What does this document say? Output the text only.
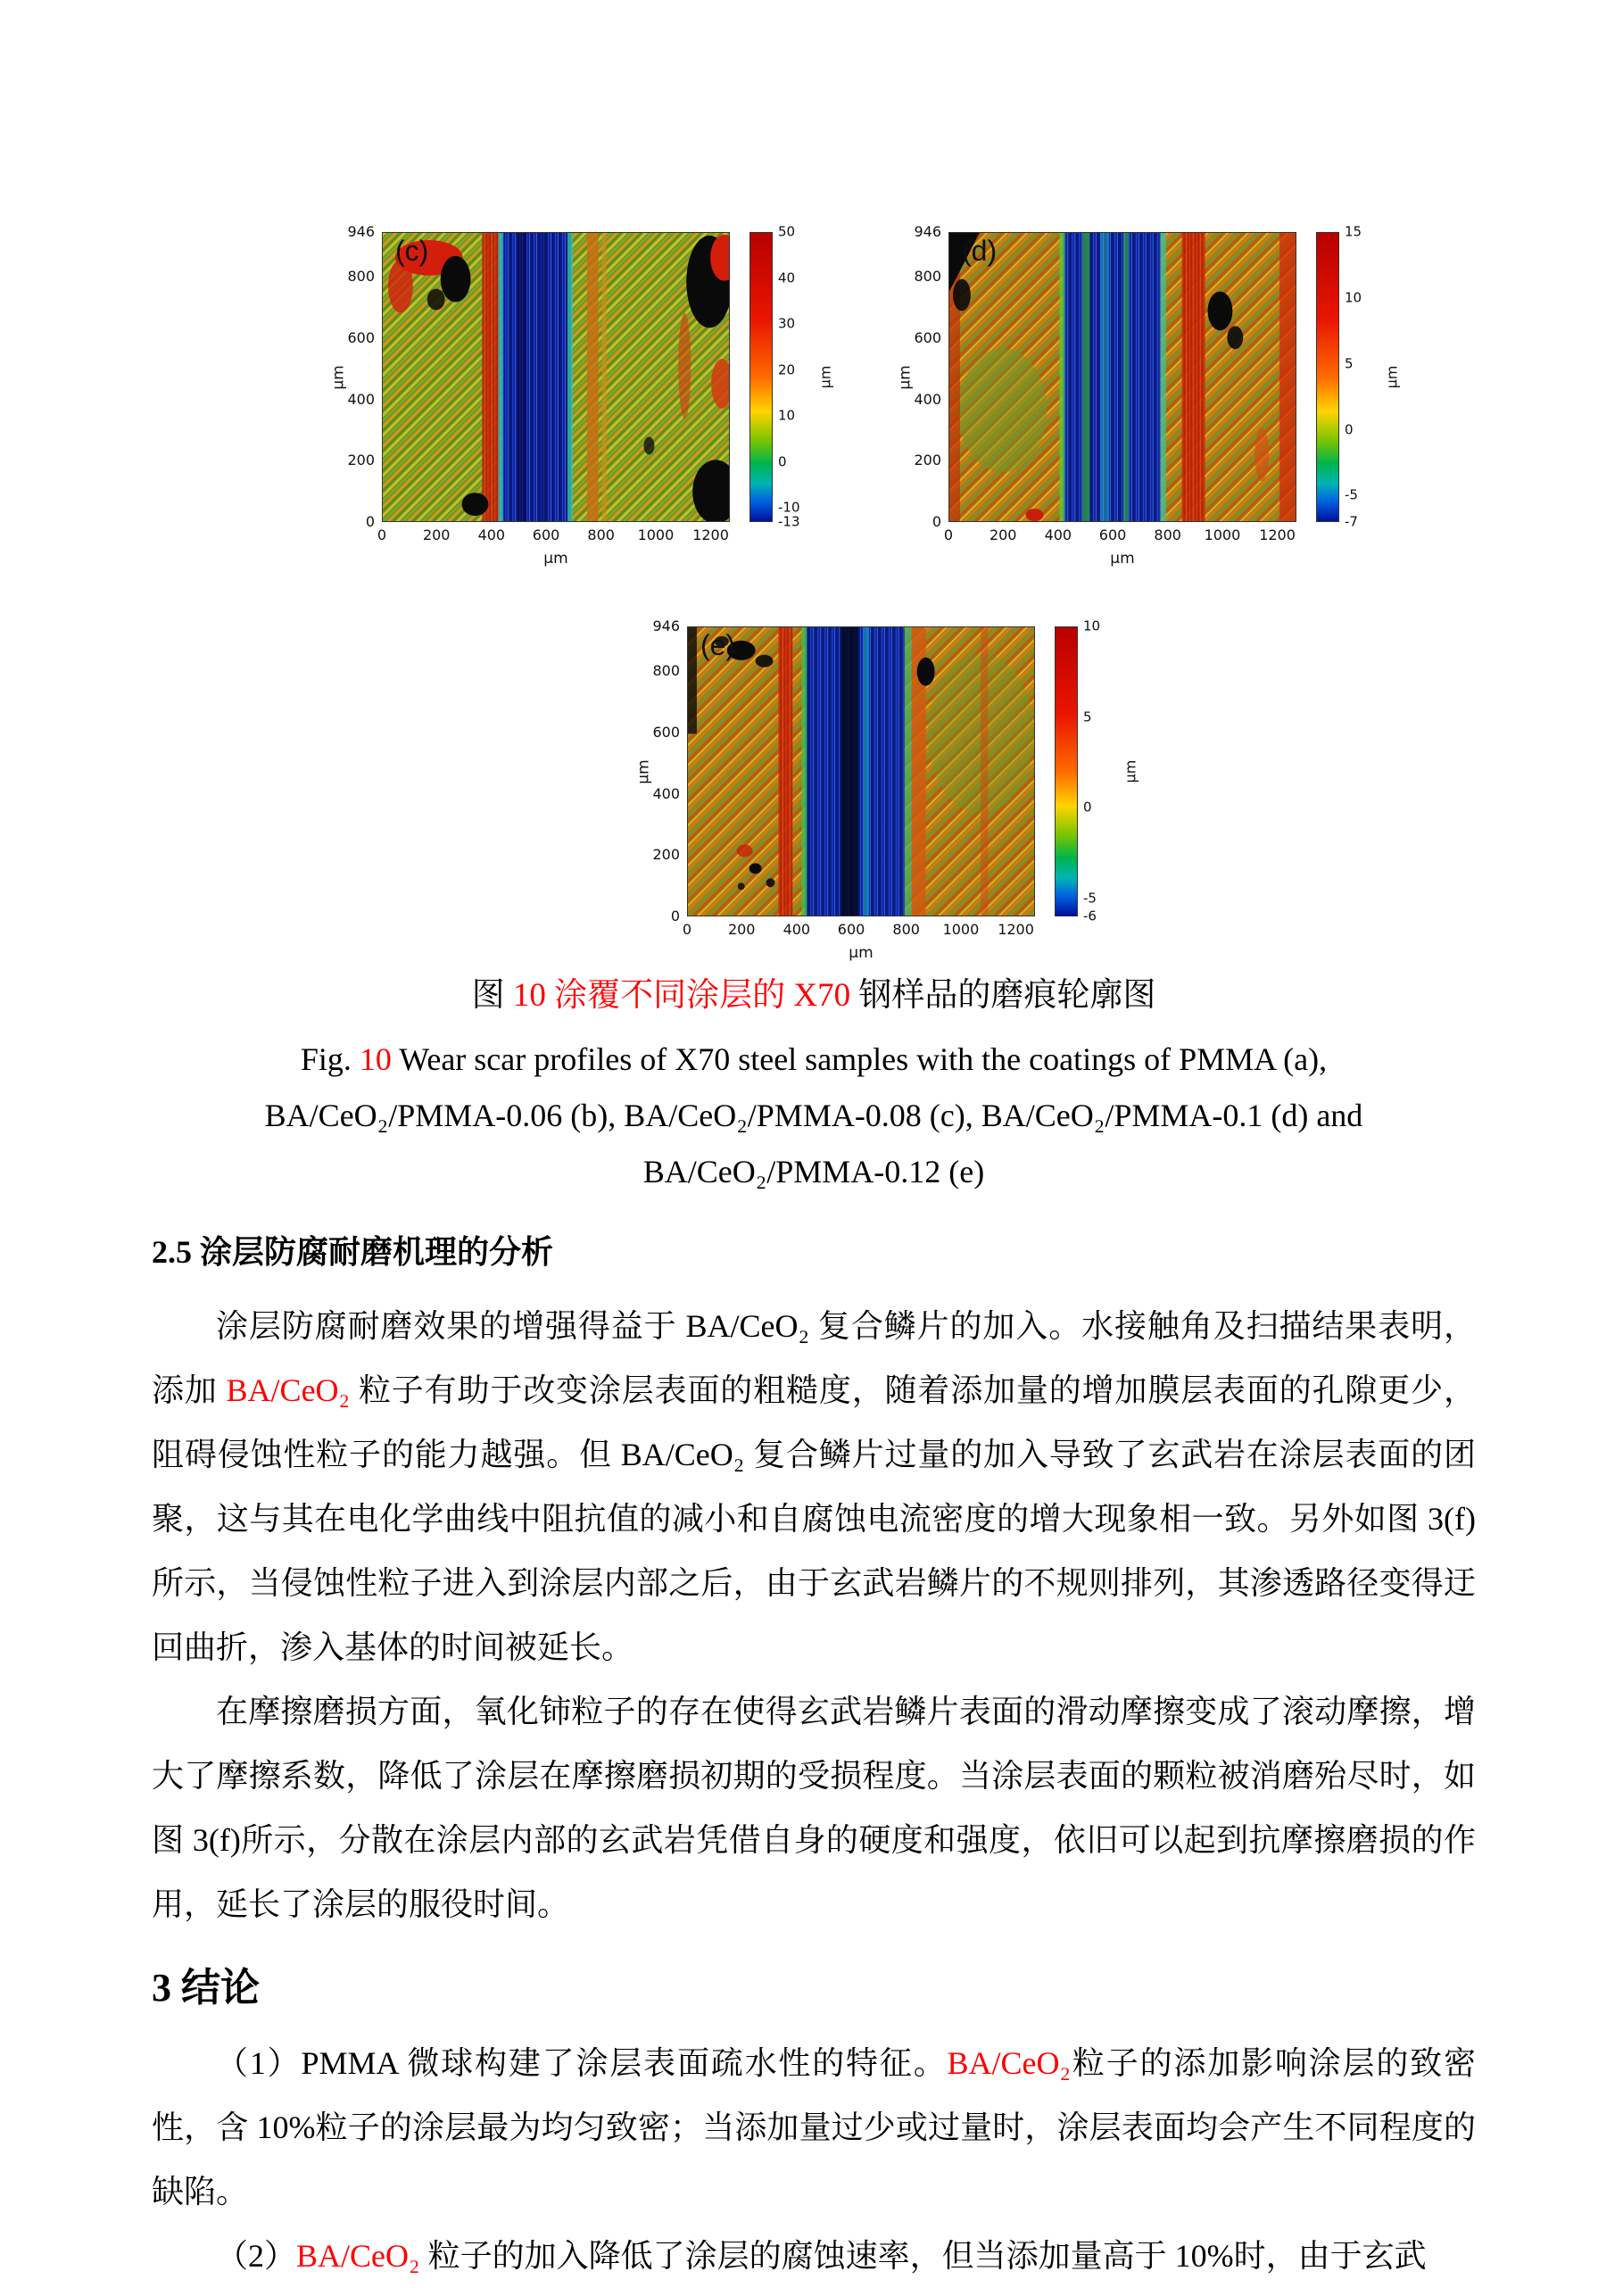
μm
946
800
600
400
200
0
(c)
0	200 400 600 800 1000 1200
μm
50
40
30
20
10
0
-10
-13
μm	μm
946
800
600
400
200
0
(d)
0	200 400 600 800 1000 1200
μm
15
10
5
0
-5
-7
μm
μm
946
800
600
400
200
0
(e)
0	200 400 600 800 1000 1200
μm
10
5
0
-5
-6
μm
图 10 涂覆不同涂层的 X70 钢样品的磨痕轮廓图
Fig. 10 Wear scar profiles of X70 steel samples with the coatings of PMMA (a),
BA/CeO₂/PMMA-0.06 (b), BA/CeO₂/PMMA-0.08 (c), BA/CeO₂/PMMA-0.1 (d) and
BA/CeO₂/PMMA-0.12 (e)
2.5 涂层防腐耐磨机理的分析

涂层防腐耐磨效果的增强得益于 BA/CeO₂ 复合鳞片的加入。水接触角及扫描结果表明，添加 BA/CeO₂ 粒子有助于改变涂层表面的粗糙度，随着添加量的增加膜层表面的孔隙更少，阻碍侵蚀性粒子的能力越强。但 BA/CeO₂ 复合鳞片过量的加入导致了玄武岩在涂层表面的团聚，这与其在电化学曲线中阻抗值的减小和自腐蚀电流密度的增大现象相一致。另外如图 3(f)所示，当侵蚀性粒子进入到涂层内部之后，由于玄武岩鳞片的不规则排列，其渗透路径变得迂回曲折，渗入基体的时间被延长。

在摩擦磨损方面，氧化铈粒子的存在使得玄武岩鳞片表面的滑动摩擦变成了滚动摩擦，增大了摩擦系数，降低了涂层在摩擦磨损初期的受损程度。当涂层表面的颗粒被消磨殆尽时，如图 3(f)所示，分散在涂层内部的玄武岩凭借自身的硬度和强度，依旧可以起到抗摩擦磨损的作用，延长了涂层的服役时间。

3 结论

（1）PMMA 微球构建了涂层表面疏水性的特征。BA/CeO₂粒子的添加影响涂层的致密性，含 10%粒子的涂层最为均匀致密；当添加量过少或过量时，涂层表面均会产生不同程度的缺陷。

（2）BA/CeO₂ 粒子的加入降低了涂层的腐蚀速率，但当添加量高于 10%时，由于玄武
